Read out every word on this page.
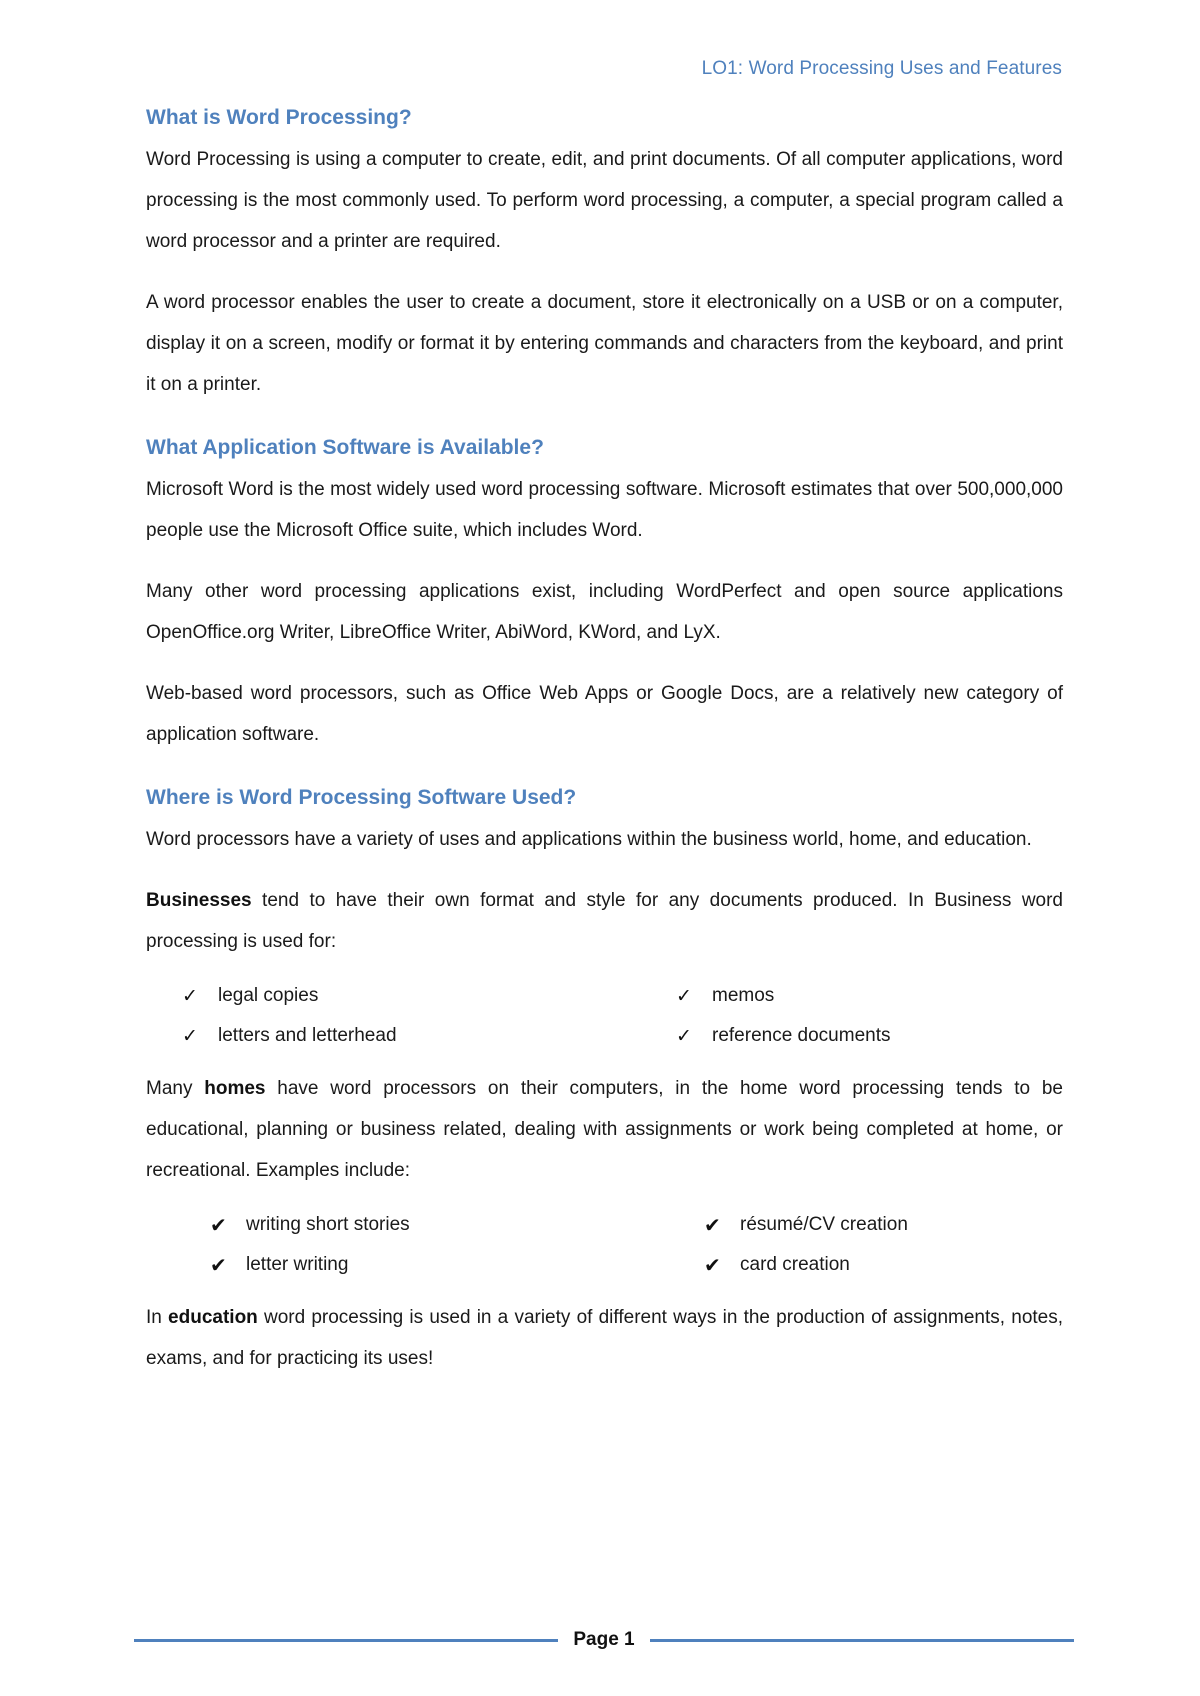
LO1: Word Processing Uses and Features
What is Word Processing?

Word Processing is using a computer to create, edit, and print documents. Of all computer applications, word processing is the most commonly used. To perform word processing, a computer, a special program called a word processor and a printer are required.

A word processor enables the user to create a document, store it electronically on a USB or on a computer, display it on a screen, modify or format it by entering commands and characters from the keyboard, and print it on a printer.

What Application Software is Available?

Microsoft Word is the most widely used word processing software. Microsoft estimates that over 500,000,000 people use the Microsoft Office suite, which includes Word.

Many other word processing applications exist, including WordPerfect and open source applications OpenOffice.org Writer, LibreOffice Writer, AbiWord, KWord, and LyX.

Web-based word processors, such as Office Web Apps or Google Docs, are a relatively new category of application software.

Where is Word Processing Software Used?

Word processors have a variety of uses and applications within the business world, home, and education.

Businesses tend to have their own format and style for any documents produced. In Business word processing is used for:

✓	legal copies	✓	memos
✓	letters and letterhead	✓	reference documents

Many homes have word processors on their computers, in the home word processing tends to be educational, planning or business related, dealing with assignments or work being completed at home, or recreational. Examples include:

✔	writing short stories	✔	résumé/CV creation
✔	letter writing	✔	card creation

In education word processing is used in a variety of different ways in the production of assignments, notes, exams, and for practicing its uses!

Page 1
